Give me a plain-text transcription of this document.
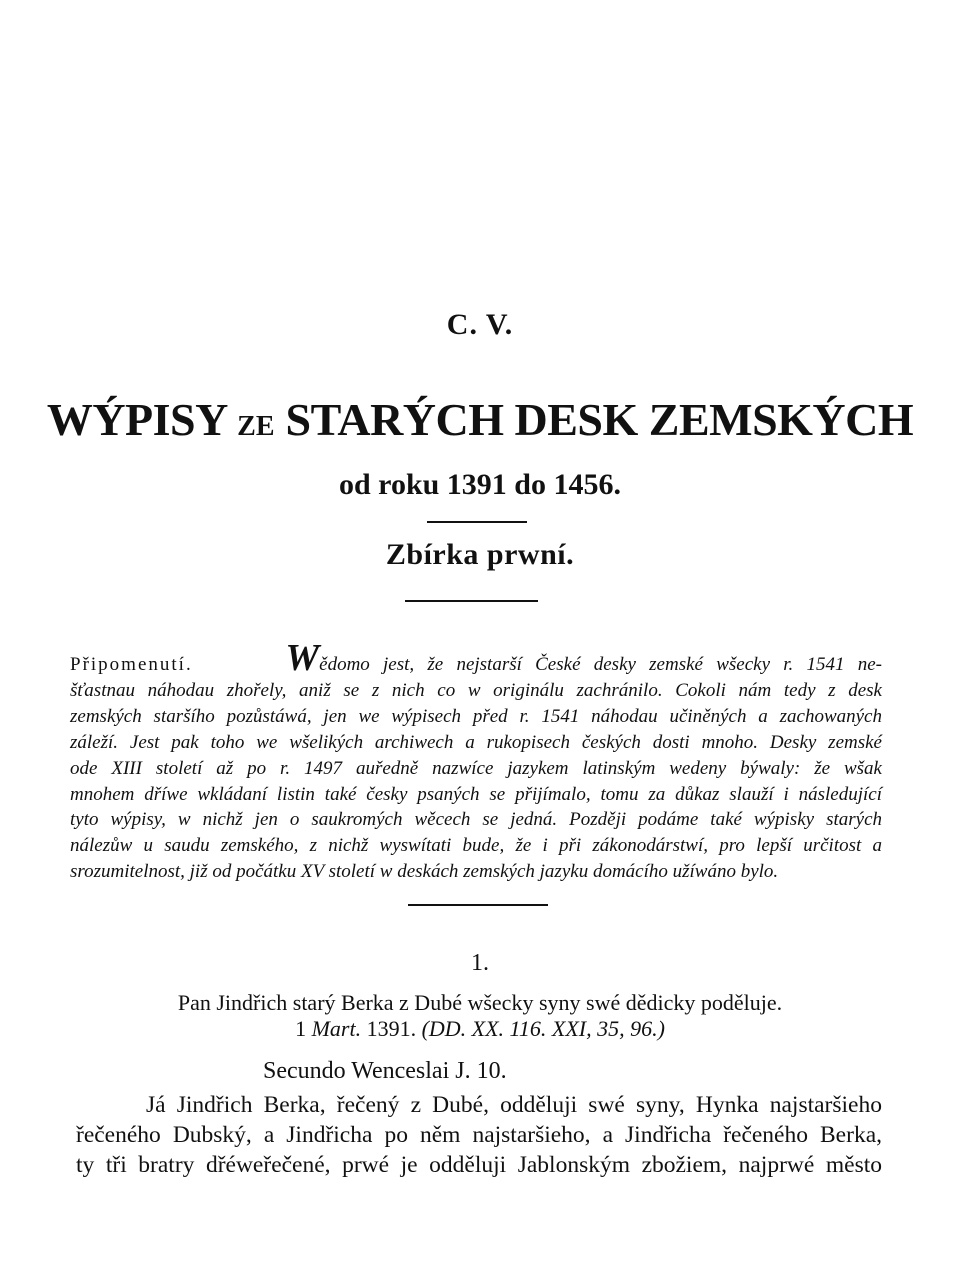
C. V.
WÝPISY ZE STARÝCH DESK ZEMSKÝCH
od roku 1391 do 1456.
Zbírka prwní.
Připomenutí. Wědomo jest, že nejstarší České desky zemské wšecky r. 1541 ne-
šťastnau náhodau zhořely, aniž se z nich co w originálu zachránilo. Cokoli nám tedy z desk
zemských staršího pozůstáwá, jen we wýpisech před r. 1541 náhodau učiněných a zachowaných
záleží. Jest pak toho we wšelikých archiwech a rukopisech českých dosti mnoho. Desky zemské
ode XIII století až po r. 1497 auředně nazwíce jazykem latinským wedeny býwaly: že wšak
mnohem dříwe wkládaní listin také česky psaných se přijímalo, tomu za důkaz slauží i následující
tyto wýpisy, w nichž jen o saukromých wěcech se jedná. Později podáme také wýpisky starých
nálezůw u saudu zemského, z nichž wyswítati bude, že i při zákonodárstwí, pro lepší určitost a
srozumitelnost, již od počátku XV století w deskách zemských jazyku domácího užíwáno bylo.
1.
Pan Jindřich starý Berka z Dubé wšecky syny swé dědicky poděluje.
1 Mart. 1391. (DD. XX. 116. XXI, 35, 96.)
Secundo Wenceslai J. 10.
Já Jindřich Berka, řečený z Dubé, odděluji swé syny, Hynka najstaršieho
řečeného Dubský, a Jindřicha po něm najstaršieho, a Jindřicha řečeného Berka,
ty tři bratry dřéweřečené, prwé je odděluji Jablonským zbožiem, najprwé město
